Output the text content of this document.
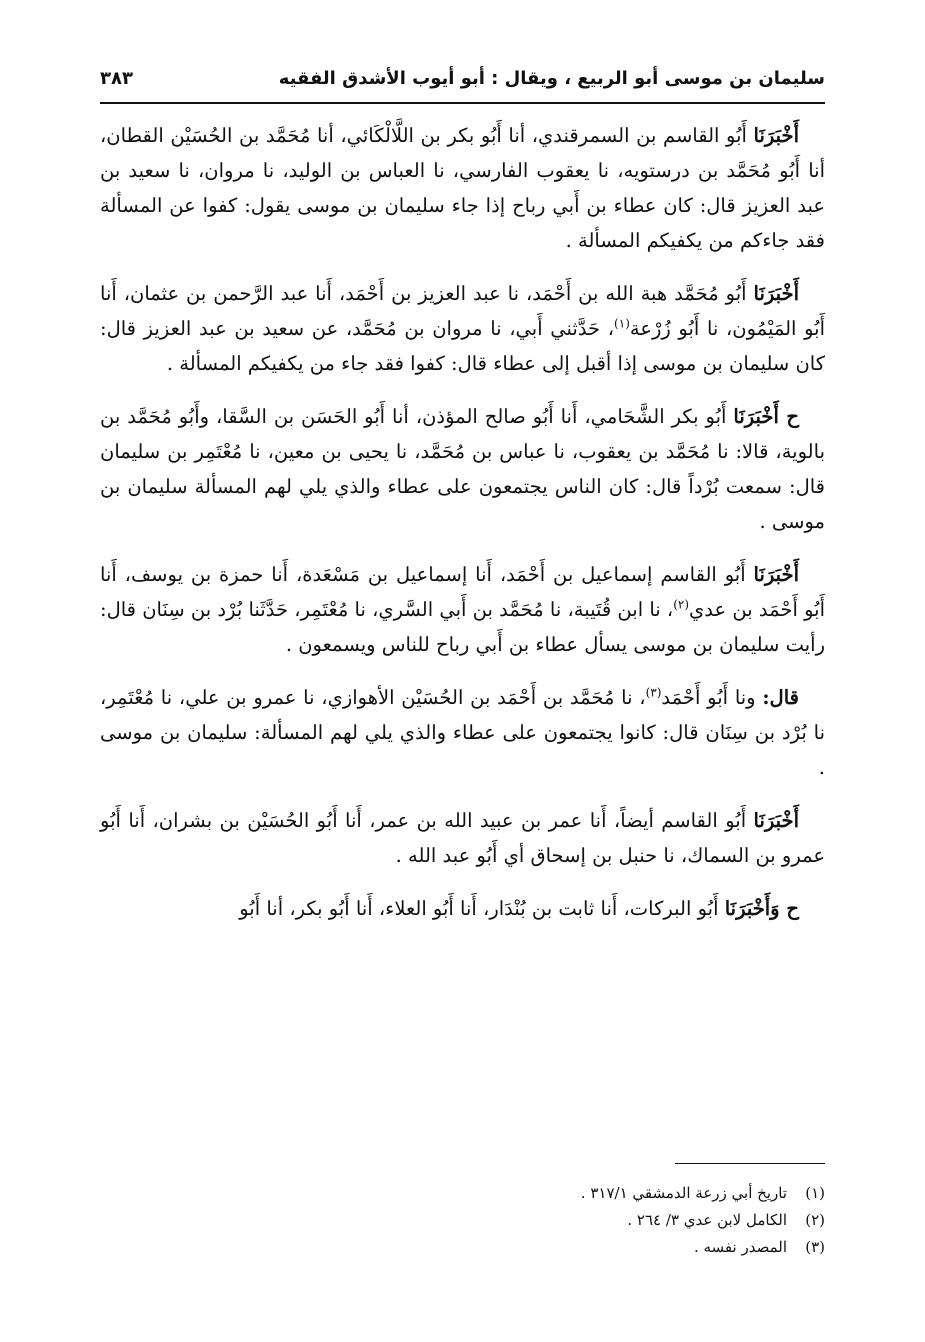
سليمان بن موسى أبو الربيع ، ويقال : أبو أيوب الأشدق الفقيه
٣٨٣

أَخْبَرَنَا أَبُو القاسم بن السمرقندي، أنا أَبُو بكر بن اللَّالْكَائي، أنا مُحَمَّد بن الحُسَيْن القطان، أنا أَبُو مُحَمَّد بن درستويه، نا يعقوب الفارسي، نا العباس بن الوليد، نا مروان، نا سعيد بن عبد العزيز قال: كان عطاء بن أَبي رباح إذا جاء سليمان بن موسى يقول: كفوا عن المسألة فقد جاءكم من يكفيكم المسألة .

أَخْبَرَنَا أَبُو مُحَمَّد هبة الله بن أَحْمَد، نا عبد العزيز بن أَحْمَد، أَنا عبد الرَّحمن بن عثمان، أَنا أَبُو المَيْمُون، نا أَبُو زُرْعة$^{(١)}$، حَدَّثني أَبي، نا مروان بن مُحَمَّد، عن سعيد بن عبد العزيز قال: كان سليمان بن موسى إذا أقبل إلى عطاء قال: كفوا فقد جاء من يكفيكم المسألة .

ح أَخْبَرَنَا أَبُو بكر الشَّحَامي، أَنا أَبُو صالح المؤذن، أنا أَبُو الحَسَن بن السَّقا، وأَبُو مُحَمَّد بن بالوية، قالا: نا مُحَمَّد بن يعقوب، نا عباس بن مُحَمَّد، نا يحيى بن معين، نا مُعْتَمِر بن سليمان قال: سمعت بُرْداً قال: كان الناس يجتمعون على عطاء والذي يلي لهم المسألة سليمان بن موسى .

أَخْبَرَنَا أَبُو القاسم إسماعيل بن أَحْمَد، أَنا إسماعيل بن مَسْعَدة، أَنا حمزة بن يوسف، أَنا أَبُو أَحْمَد بن عدي$^{(٢)}$، نا ابن قُتَيبة، نا مُحَمَّد بن أَبي السَّري، نا مُعْتَمِر، حَدَّثَنا بُرْد بن سِنَان قال: رأيت سليمان بن موسى يسأل عطاء بن أَبي رباح للناس ويسمعون .

قال: ونا أَبُو أَحْمَد$^{(٣)}$، نا مُحَمَّد بن أَحْمَد بن الحُسَيْن الأهوازي، نا عمرو بن علي، نا مُعْتَمِر، نا بُرْد بن سِنَان قال: كانوا يجتمعون على عطاء والذي يلي لهم المسألة: سليمان بن موسى .

أَخْبَرَنَا أَبُو القاسم أيضاً، أَنا عمر بن عبيد الله بن عمر، أَنا أَبُو الحُسَيْن بن بشران، أَنا أَبُو عمرو بن السماك، نا حنبل بن إسحاق أي أَبُو عبد الله .

ح وَأَخْبَرَنَا أَبُو البركات، أَنا ثابت بن بُنْدَار، أَنا أَبُو العلاء، أَنا أَبُو بكر، أنا أَبُو

(١)
تاريخ أبي زرعة الدمشقي ٣١٧/١ .

(٢)
الكامل لابن عدي ٣/ ٢٦٤ .

(٣)
المصدر نفسه .
